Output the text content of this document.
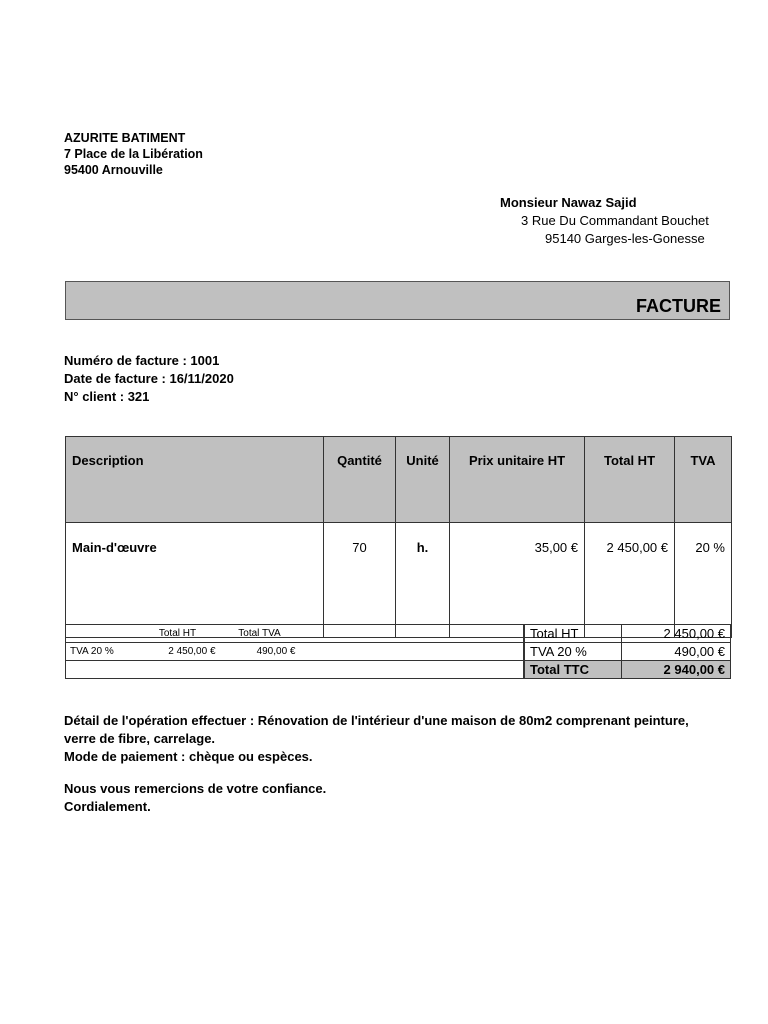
AZURITE BATIMENT
7 Place de la Libération
95400 Arnouville
Monsieur Nawaz Sajid
3 Rue Du Commandant Bouchet
95140 Garges-les-Gonesse
FACTURE
Numéro de facture : 1001
Date de facture : 16/11/2020
N° client : 321
Description	Qantité	Unité	Prix unitaire HT	Total HT	TVA
Main-d'œuvre	70	h.	35,00 €	2 450,00 €	20 %
	Total HT	Total TVA	
TVA 20 %	2 450,00 €	490,00 €	

Total HT	2 450,00 €
TVA 20 %	490,00 €
Total TTC	2 940,00 €
Détail de l'opération effectuer : Rénovation de l'intérieur d'une maison de 80m2 comprenant peinture, verre de fibre, carrelage.
Mode de paiement : chèque ou espèces.
Nous vous remercions de votre confiance.
Cordialement.
